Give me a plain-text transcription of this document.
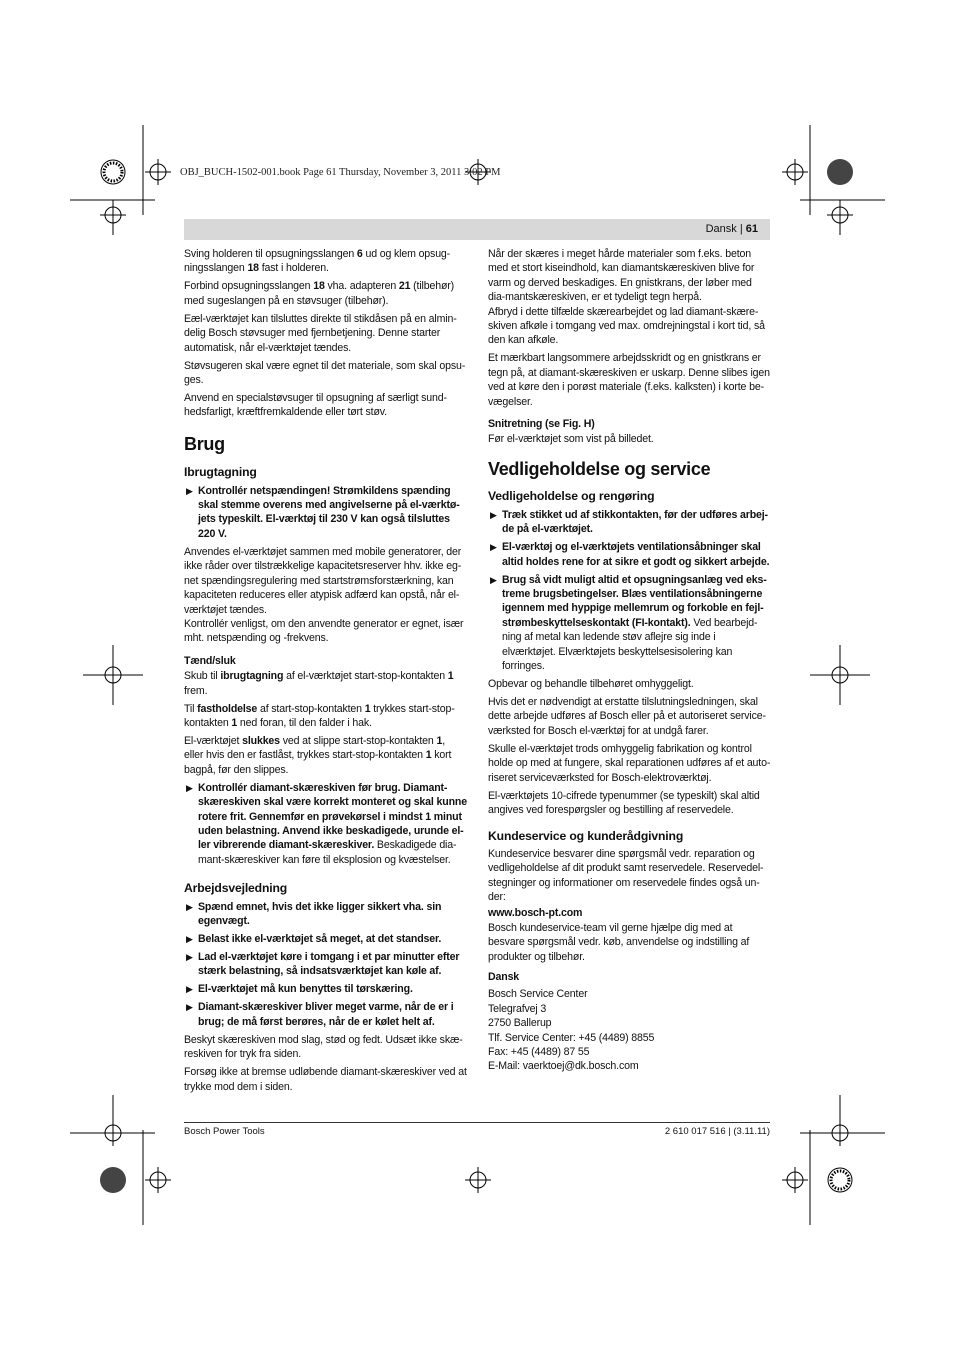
OBJ_BUCH-1502-001.book Page 61 Thursday, November 3, 2011 3:02 PM
Dansk | 61

Sving holderen til opsugningsslangen 6 ud og klem opsug-ningsslangen 18 fast i holderen.

Forbind opsugningsslangen 18 vha. adapteren 21 (tilbehør) med sugeslangen på en støvsuger (tilbehør).

Eæl-værktøjet kan tilsluttes direkte til stikdåsen på en almin-delig Bosch støvsuger med fjernbetjening. Denne starter automatisk, når el-værktøjet tændes.

Støvsugeren skal være egnet til det materiale, som skal opsu-ges.

Anvend en specialstøvsuger til opsugning af særligt sund-hedsfarligt, kræftfremkaldende eller tørt støv.

Brug
Ibrugtagning
▶ Kontrollér netspændingen! Strømkildens spænding skal stemme overens med angivelserne på el-værktø-jets typeskilt. El-værktøj til 230 V kan også tilsluttes 220 V.

Anvendes el-værktøjet sammen med mobile generatorer, der ikke råder over tilstrækkelige kapacitetsreserver hhv. ikke eg-net spændingsregulering med startstrømsforstærkning, kan kapaciteten reduceres eller atypisk adfærd kan opstå, når el-værktøjet tændes.

Kontrollér venligst, om den anvendte generator er egnet, især mht. netspænding og -frekvens.

Tænd/sluk

Skub til ibrugtagning af el-værktøjet start-stop-kontakten 1 frem.

Til fastholdelse af start-stop-kontakten 1 trykkes start-stop-kontakten 1 ned foran, til den falder i hak.

El-værktøjet slukkes ved at slippe start-stop-kontakten 1, eller hvis den er fastlåst, trykkes start-stop-kontakten 1 kort bagpå, før den slippes.

▶ Kontrollér diamant-skæreskiven før brug. Diamant-skæreskiven skal være korrekt monteret og skal kunne rotere frit. Gennemfør en prøvekørsel i mindst 1 minut uden belastning. Anvend ikke beskadigede, urunde el-ler vibrerende diamant-skæreskiver. Beskadigede dia-mant-skæreskiver kan føre til eksplosion og kvæstelser.
Arbejdsvejledning
▶ Spænd emnet, hvis det ikke ligger sikkert vha. sin egenvægt.
▶ Belast ikke el-værktøjet så meget, at det standser.
▶ Lad el-værktøjet køre i tomgang i et par minutter efter stærk belastning, så indsatsværktøjet kan køle af.
▶ El-værktøjet må kun benyttes til tørskæring.
▶ Diamant-skæreskiver bliver meget varme, når de er i brug; de må først berøres, når de er kølet helt af.

Beskyt skæreskiven mod slag, stød og fedt. Udsæt ikke skæ-reskiven for tryk fra siden.

Forsøg ikke at bremse udløbende diamant-skæreskiver ved at trykke mod dem i siden.

Når der skæres i meget hårde materialer som f.eks. beton med et stort kiseindhold, kan diamantskæreskiven blive for varm og derved beskadiges. En gnistkrans, der løber med dia-mantskæreskiven, er et tydeligt tegn herpå.

Afbryd i dette tilfælde skærearbejdet og lad diamant-skære-skiven afkøle i tomgang ved max. omdrejningstal i kort tid, så den kan afkøle.

Et mærkbart langsommere arbejdsskridt og en gnistkrans er tegn på, at diamant-skæreskiven er uskarp. Denne slibes igen ved at køre den i porøst materiale (f.eks. kalksten) i korte be-vægelser.

Snitretning (se Fig. H)

Før el-værktøjet som vist på billedet.

Vedligeholdelse og service
Vedligeholdelse og rengøring
▶ Træk stikket ud af stikkontakten, før der udføres arbej-de på el-værktøjet.
▶ El-værktøj og el-værktøjets ventilationsåbninger skal altid holdes rene for at sikre et godt og sikkert arbejde.
▶ Brug så vidt muligt altid et opsugningsanlæg ved eks-treme brugsbetingelser. Blæs ventilationsåbningerne igennem med hyppige mellemrum og forkoble en fejl-strømbeskyttelseskontakt (FI-kontakt). Ved bearbejd-ning af metal kan ledende støv aflejre sig inde i elværktøjet. Elværktøjets beskyttelsesisolering kan forringes.

Opbevar og behandle tilbehøret omhyggeligt.

Hvis det er nødvendigt at erstatte tilslutningsledningen, skal dette arbejde udføres af Bosch eller på et autoriseret service-værksted for Bosch el-værktøj for at undgå farer.

Skulle el-værktøjet trods omhyggelig fabrikation og kontrol holde op med at fungere, skal reparationen udføres af et auto-riseret serviceværksted for Bosch-elektroværktøj.

El-værktøjets 10-cifrede typenummer (se typeskilt) skal altid angives ved forespørgsler og bestilling af reservedele.

Kundeservice og kunderådgivning

Kundeservice besvarer dine spørgsmål vedr. reparation og vedligeholdelse af dit produkt samt reservedele. Reservedel-stegninger og informationer om reservedele findes også un-der:

www.bosch-pt.com

Bosch kundeservice-team vil gerne hjælpe dig med at besvare spørgsmål vedr. køb, anvendelse og indstilling af produkter og tilbehør.

Dansk
Bosch Service Center
Telegrafvej 3
2750 Ballerup
Tlf. Service Center: +45 (4489) 8855
Fax: +45 (4489) 87 55
E-Mail: vaerktoej@dk.bosch.com
Bosch Power Tools	2 610 017 516 | (3.11.11)
